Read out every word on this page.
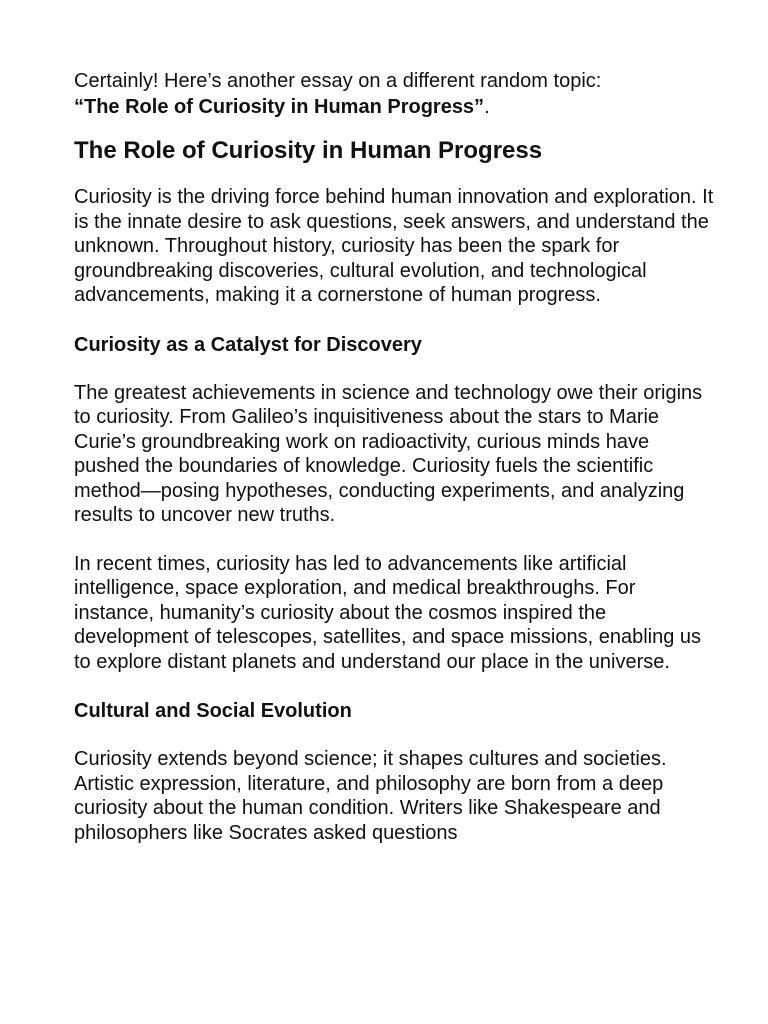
Certainly! Here’s another essay on a different random topic:
“The Role of Curiosity in Human Progress”.

The Role of Curiosity in Human Progress

Curiosity is the driving force behind human innovation and exploration. It is the innate desire to ask questions, seek answers, and understand the unknown. Throughout history, curiosity has been the spark for groundbreaking discoveries, cultural evolution, and technological advancements, making it a cornerstone of human progress.

Curiosity as a Catalyst for Discovery

The greatest achievements in science and technology owe their origins to curiosity. From Galileo’s inquisitiveness about the stars to Marie Curie’s groundbreaking work on radioactivity, curious minds have pushed the boundaries of knowledge. Curiosity fuels the scientific method—posing hypotheses, conducting experiments, and analyzing results to uncover new truths.

In recent times, curiosity has led to advancements like artificial intelligence, space exploration, and medical breakthroughs. For instance, humanity’s curiosity about the cosmos inspired the development of telescopes, satellites, and space missions, enabling us to explore distant planets and understand our place in the universe.

Cultural and Social Evolution

Curiosity extends beyond science; it shapes cultures and societies. Artistic expression, literature, and philosophy are born from a deep curiosity about the human condition. Writers like Shakespeare and philosophers like Socrates asked questions
